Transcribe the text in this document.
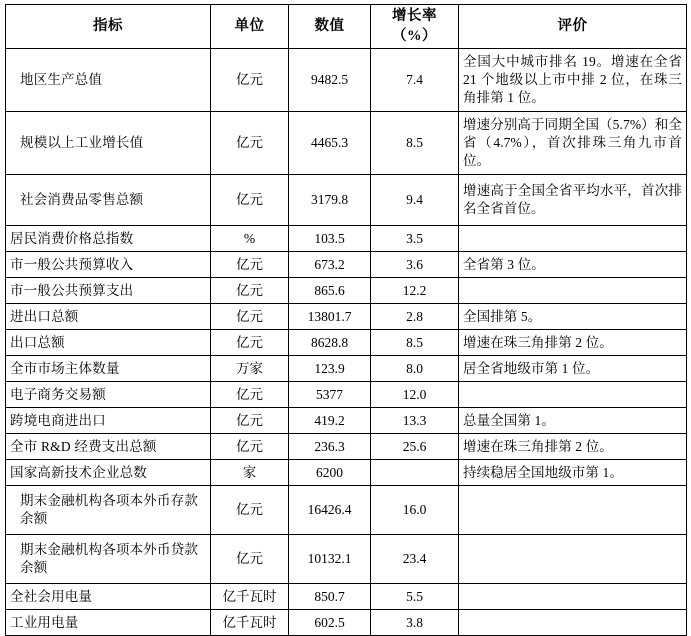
指标	单位	数值	增长率（%）	评价
地区生产总值	亿元	9482.5	7.4	全国大中城市排名 19。增速在全省 21 个地级以上市中排 2 位，在珠三角排第 1 位。
规模以上工业增长值	亿元	4465.3	8.5	增速分别高于同期全国（5.7%）和全省（4.7%），首次排珠三角九市首位。
社会消费品零售总额	亿元	3179.8	9.4	增速高于全国全省平均水平，首次排名全省首位。
居民消费价格总指数	%	103.5	3.5	
市一般公共预算收入	亿元	673.2	3.6	全省第 3 位。
市一般公共预算支出	亿元	865.6	12.2	
进出口总额	亿元	13801.7	2.8	全国排第 5。
出口总额	亿元	8628.8	8.5	增速在珠三角排第 2 位。
全市市场主体数量	万家	123.9	8.0	居全省地级市第 1 位。
电子商务交易额	亿元	5377	12.0	
跨境电商进出口	亿元	419.2	13.3	总量全国第 1。
全市 R&D 经费支出总额	亿元	236.3	25.6	增速在珠三角排第 2 位。
国家高新技术企业总数	家	6200		持续稳居全国地级市第 1。
期末金融机构各项本外币存款余额	亿元	16426.4	16.0	
期末金融机构各项本外币贷款余额	亿元	10132.1	23.4	
全社会用电量	亿千瓦时	850.7	5.5	
工业用电量	亿千瓦时	602.5	3.8	
